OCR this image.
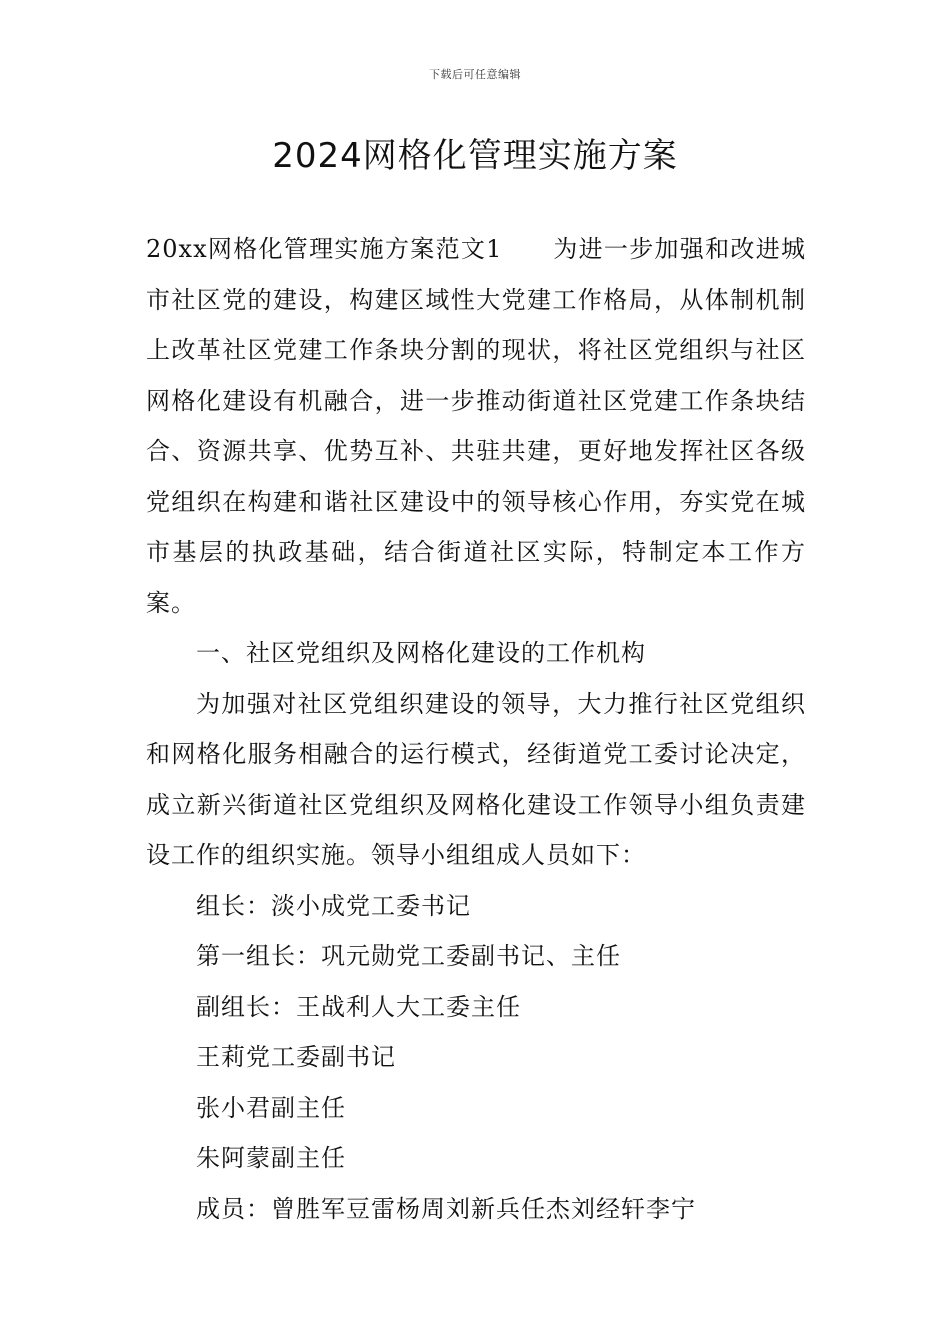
下载后可任意编辑
2024网格化管理实施方案

20xx网格化管理实施方案范文1　　为进一步加强和改进城市社区党的建设，构建区域性大党建工作格局，从体制机制上改革社区党建工作条块分割的现状，将社区党组织与社区网格化建设有机融合，进一步推动街道社区党建工作条块结合、资源共享、优势互补、共驻共建，更好地发挥社区各级党组织在构建和谐社区建设中的领导核心作用，夯实党在城市基层的执政基础，结合街道社区实际，特制定本工作方案。

一、社区党组织及网格化建设的工作机构

为加强对社区党组织建设的领导，大力推行社区党组织和网格化服务相融合的运行模式，经街道党工委讨论决定，成立新兴街道社区党组织及网格化建设工作领导小组负责建设工作的组织实施。领导小组组成人员如下：

组长：淡小成党工委书记

第一组长：巩元勋党工委副书记、主任

副组长：王战利人大工委主任

王莉党工委副书记

张小君副主任

朱阿蒙副主任

成员：曾胜军豆雷杨周刘新兵任杰刘经轩李宁
